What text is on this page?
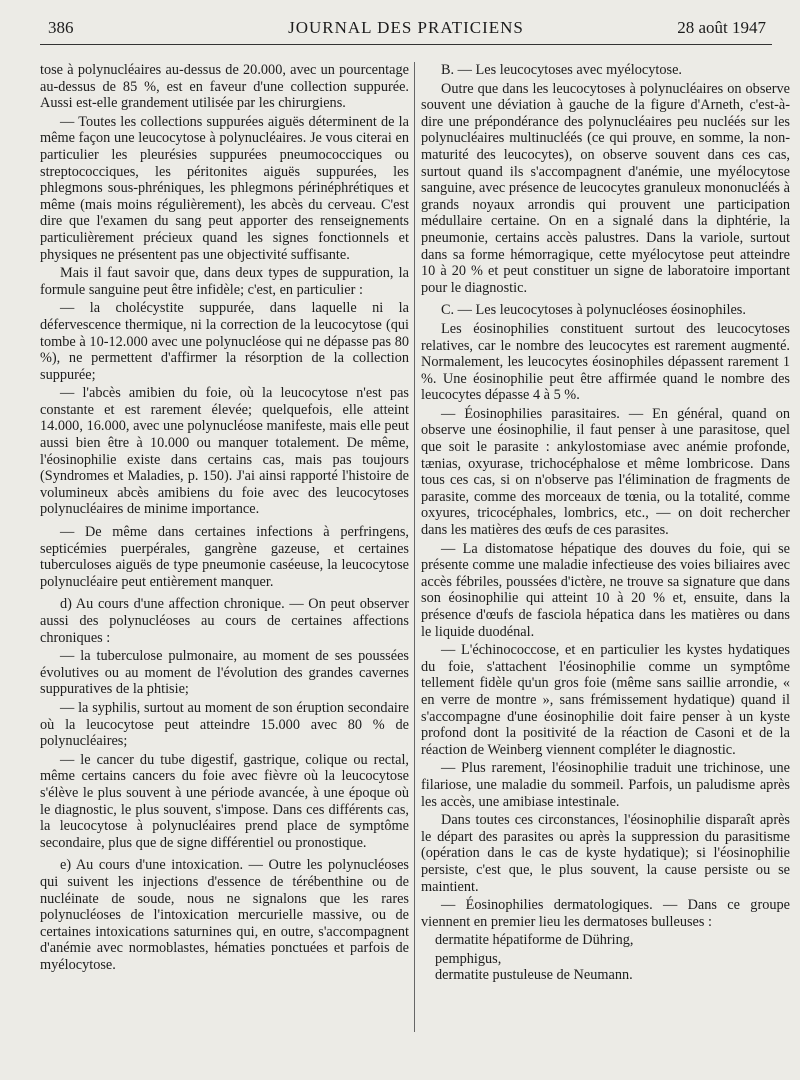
386	JOURNAL DES PRATICIENS	28 août 1947

tose à polynucléaires au-dessus de 20.000, avec un pourcentage au-dessus de 85 %, est en faveur d'une collection suppurée. Aussi est-elle grandement utilisée par les chirurgiens.

— Toutes les collections suppurées aiguës déterminent de la même façon une leucocytose à polynucléaires. Je vous citerai en particulier les pleurésies suppurées pneumococciques ou streptococciques, les péritonites aiguës suppurées, les phlegmons sous-phréniques, les phlegmons périnéphrétiques et même (mais moins régulièrement), les abcès du cerveau. C'est dire que l'examen du sang peut apporter des renseignements particulièrement précieux quand les signes fonctionnels et physiques ne présentent pas une objectivité suffisante.

Mais il faut savoir que, dans deux types de suppuration, la formule sanguine peut être infidèle; c'est, en particulier :

— la cholécystite suppurée, dans laquelle ni la défervescence thermique, ni la correction de la leucocytose (qui tombe à 10-12.000 avec une polynucléose qui ne dépasse pas 80 %), ne permettent d'affirmer la résorption de la collection suppurée;

— l'abcès amibien du foie, où la leucocytose n'est pas constante et est rarement élevée; quelquefois, elle atteint 14.000, 16.000, avec une polynucléose manifeste, mais elle peut aussi bien être à 10.000 ou manquer totalement. De même, l'éosinophilie existe dans certains cas, mais pas toujours (Syndromes et Maladies, p. 150). J'ai ainsi rapporté l'histoire de volumineux abcès amibiens du foie avec des leucocytoses polynucléaires de minime importance.

— De même dans certaines infections à perfringens, septicémies puerpérales, gangrène gazeuse, et certaines tuberculoses aiguës de type pneumonie caséeuse, la leucocytose polynucléaire peut entièrement manquer.

d) Au cours d'une affection chronique. — On peut observer aussi des polynucléoses au cours de certaines affections chroniques :

— la tuberculose pulmonaire, au moment de ses poussées évolutives ou au moment de l'évolution des grandes cavernes suppuratives de la phtisie;

— la syphilis, surtout au moment de son éruption secondaire où la leucocytose peut atteindre 15.000 avec 80 % de polynucléaires;

— le cancer du tube digestif, gastrique, colique ou rectal, même certains cancers du foie avec fièvre où la leucocytose s'élève le plus souvent à une période avancée, à une époque où le diagnostic, le plus souvent, s'impose. Dans ces différents cas, la leucocytose à polynucléaires prend place de symptôme secondaire, plus que de signe différentiel ou pronostique.

e) Au cours d'une intoxication. — Outre les polynucléoses qui suivent les injections d'essence de térébenthine ou de nucléinate de soude, nous ne signalons que les rares polynucléoses de l'intoxication mercurielle massive, ou de certaines intoxications saturnines qui, en outre, s'accompagnent d'anémie avec normoblastes, hématies ponctuées et parfois de myélocytose.

B. — Les leucocytoses avec myélocytose.

Outre que dans les leucocytoses à polynucléaires on observe souvent une déviation à gauche de la figure d'Arneth, c'est-à-dire une prépondérance des polynucléaires peu nucléés sur les polynucléaires multinucléés (ce qui prouve, en somme, la non-maturité des leucocytes), on observe souvent dans ces cas, surtout quand ils s'accompagnent d'anémie, une myélocytose sanguine, avec présence de leucocytes granuleux mononucléés à grands noyaux arrondis qui prouvent une participation médullaire certaine. On en a signalé dans la diphtérie, la pneumonie, certains accès palustres. Dans la variole, surtout dans sa forme hémorragique, cette myélocytose peut atteindre 10 à 20 % et peut constituer un signe de laboratoire important pour le diagnostic.

C. — Les leucocytoses à polynucléoses éosinophiles.

Les éosinophilies constituent surtout des leucocytoses relatives, car le nombre des leucocytes est rarement augmenté. Normalement, les leucocytes éosinophiles dépassent rarement 1 %. Une éosinophilie peut être affirmée quand le nombre des leucocytes dépasse 4 à 5 %.

— Éosinophilies parasitaires. — En général, quand on observe une éosinophilie, il faut penser à une parasitose, quel que soit le parasite : ankylostomiase avec anémie profonde, tænias, oxyurase, trichocéphalose et même lombricose. Dans tous ces cas, si on n'observe pas l'élimination de fragments de parasite, comme des morceaux de tœnia, ou la totalité, comme oxyures, tricocéphales, lombrics, etc., — on doit rechercher dans les matières des œufs de ces parasites.

— La distomatose hépatique des douves du foie, qui se présente comme une maladie infectieuse des voies biliaires avec accès fébriles, poussées d'ictère, ne trouve sa signature que dans son éosinophilie qui atteint 10 à 20 % et, ensuite, dans la présence d'œufs de fasciola hépatica dans les matières ou dans le liquide duodénal.

— L'échinococcose, et en particulier les kystes hydatiques du foie, s'attachent l'éosinophilie comme un symptôme tellement fidèle qu'un gros foie (même sans saillie arrondie, « en verre de montre », sans frémissement hydatique) quand il s'accompagne d'une éosinophilie doit faire penser à un kyste profond dont la positivité de la réaction de Casoni et de la réaction de Weinberg viennent compléter le diagnostic.

— Plus rarement, l'éosinophilie traduit une trichinose, une filariose, une maladie du sommeil. Parfois, un paludisme après les accès, une amibiase intestinale.

Dans toutes ces circonstances, l'éosinophilie disparaît après le départ des parasites ou après la suppression du parasitisme (opération dans le cas de kyste hydatique); si l'éosinophilie persiste, c'est que, le plus souvent, la cause persiste ou se maintient.

— Éosinophilies dermatologiques. — Dans ce groupe viennent en premier lieu les dermatoses bulleuses :

dermatite hépatiforme de Dühring,

pemphigus,

dermatite pustuleuse de Neumann.
